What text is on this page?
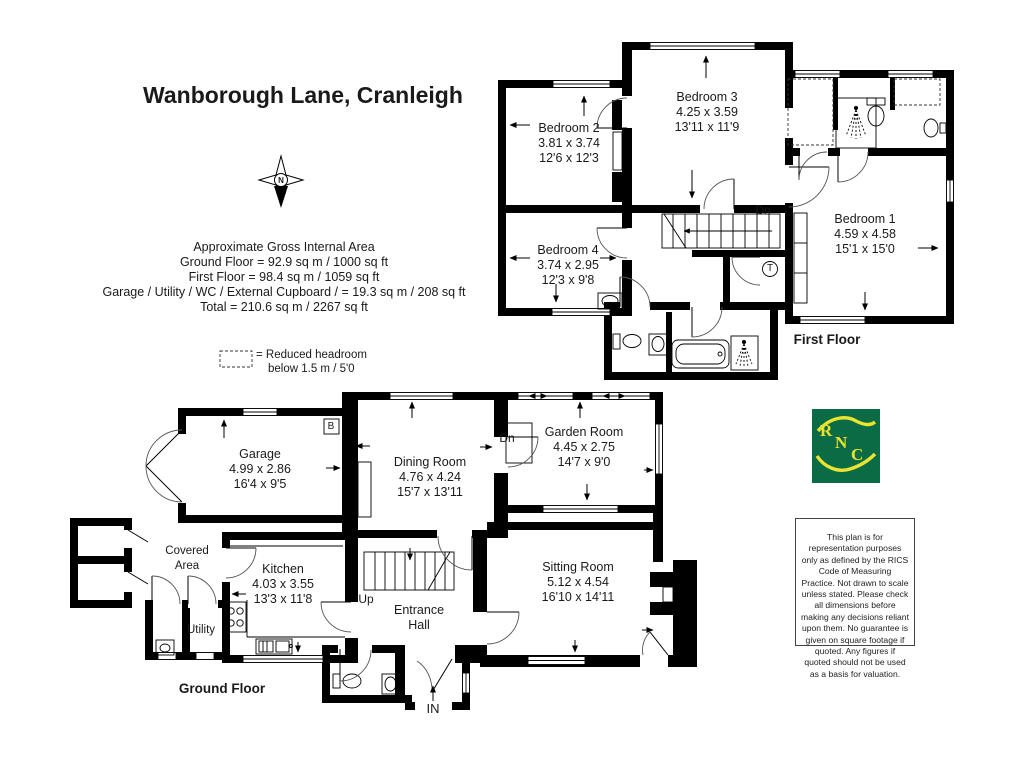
Wanborough Lane, Cranleigh
N
Approximate Gross Internal Area
Ground Floor = 92.9 sq m / 1000 sq ft
First Floor = 98.4 sq m / 1059 sq ft
Garage / Utility / WC / External Cupboard / = 19.3 sq m / 208 sq ft
Total = 210.6 sq m / 2267 sq ft
= Reduced headroom
below 1.5 m / 5'0
Bedroom 2
3.81 x 3.74
12'6 x 12'3
Bedroom 3
4.25 x 3.59
13'11 x 11'9
Bedroom 4
3.74 x 2.95
12'3 x 9'8
Bedroom 1
4.59 x 4.58
15'1 x 15'0
Dn
T
First Floor
Garage
4.99 x 2.86
16'4 x 9'5
Dining Room
4.76 x 4.24
15'7 x 13'11
Garden Room
4.45 x 2.75
14'7 x 9'0
Kitchen
4.03 x 3.55
13'3 x 11'8
Sitting Room
5.12 x 4.54
16'10 x 14'11
Covered
Area
Utility
Entrance
Hall
Up
Dn
IN
B
Ground Floor
R
N
C
This plan is for representation purposes only as defined by the RICS Code of Measuring Practice. Not drawn to scale unless stated. Please check all dimensions before making any decisions reliant upon them. No guarantee is given on square footage if quoted. Any figures if quoted should not be used as a basis for valuation.
